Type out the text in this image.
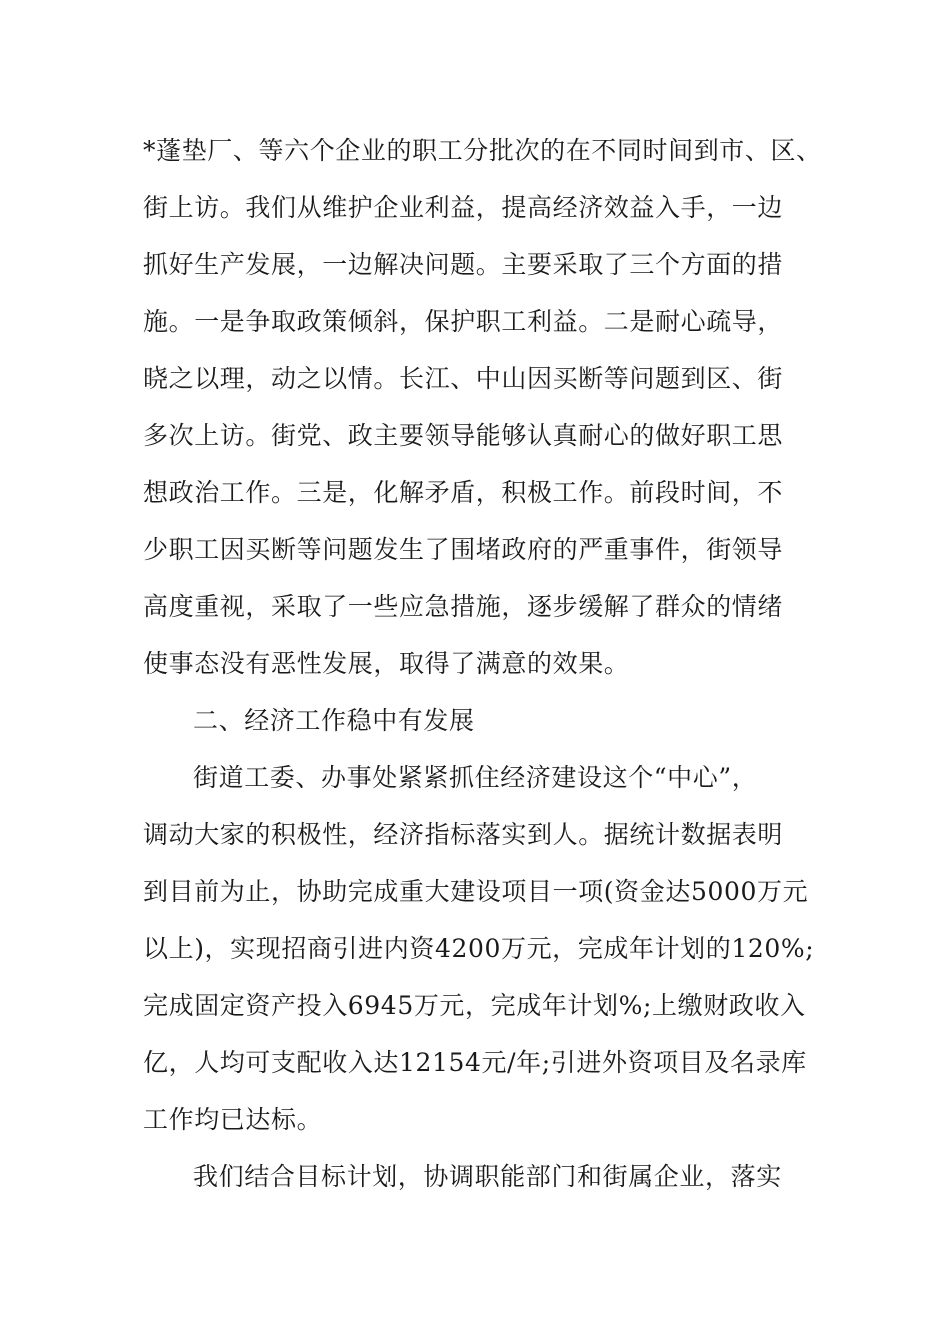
*蓬垫厂、等六个企业的职工分批次的在不同时间到市、区、
街上访。我们从维护企业利益，提高经济效益入手，一边
抓好生产发展，一边解决问题。主要采取了三个方面的措
施。一是争取政策倾斜，保护职工利益。二是耐心疏导，
晓之以理，动之以情。长江、中山因买断等问题到区、街
多次上访。街党、政主要领导能够认真耐心的做好职工思
想政治工作。三是，化解矛盾，积极工作。前段时间，不
少职工因买断等问题发生了围堵政府的严重事件，街领导
高度重视，采取了一些应急措施，逐步缓解了群众的情绪
使事态没有恶性发展，取得了满意的效果。
二、经济工作稳中有发展
街道工委、办事处紧紧抓住经济建设这个“中心”，
调动大家的积极性，经济指标落实到人。据统计数据表明
到目前为止，协助完成重大建设项目一项(资金达5000万元
以上)，实现招商引进内资4200万元，完成年计划的120%;
完成固定资产投入6945万元，完成年计划%;上缴财政收入
亿，人均可支配收入达12154元/年;引进外资项目及名录库
工作均已达标。
我们结合目标计划，协调职能部门和街属企业，落实
